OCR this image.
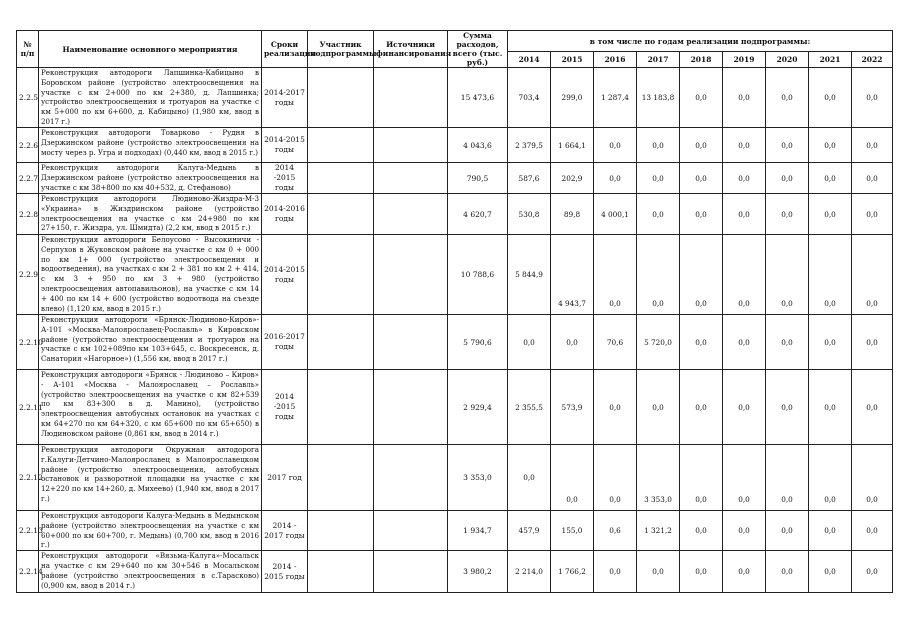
№ п/п	Наименование основного мероприятия	Сроки реализации	Участник подпрограммы	Источники финансирования	Сумма расходов, всего (тыс. руб.)	в том числе по годам реализации подпрограммы:								
						2014	2015	2016	2017	2018	2019	2020	2021	2022
2.2.5	Реконструкция автодороги Лапшинка-Кабицыно в Боровском районе (устройство электроосвещения на участке с км 2+000 по км 2+380, д. Лапшинка; устройство электроосвещения и тротуаров на участке с км 5+000 по км 6+600, д. Кабицыно) (1,980 км, ввод в 2017 г.)	2014-2017 годы			15 473,6	703,4	299,0	1 287,4	13 183,8	0,0	0,0	0,0	0,0	0,0
2.2.6	Реконструкция автодороги Товарково - Рудня в Дзержинском районе (устройство электроосвещения на мосту через р. Угра и подходах) (0,440 км, ввод в 2015 г.)	2014-2015 годы			4 043,6	2 379,5	1 664,1	0,0	0,0	0,0	0,0	0,0	0,0	0,0
2.2.7	Реконструкция автодороги Калуга-Медынь в Дзержинском районе (устройство электроосвещения на участке с км 38+800 по км 40+532, д. Стефаново)	2014 -2015 годы			790,5	587,6	202,9	0,0	0,0	0,0	0,0	0,0	0,0	0,0
2.2.8	Реконструкция автодороги Людиново-Жиздра-М-3 «Украина» в Жиздринском районе (устройство электроосвещения на участке с км 24+980 по км 27+150, г. Жиздра, ул. Шмидта) (2,2 км, ввод в 2015 г.)	2014-2016 годы			4 620,7	530,8	89,8	4 000,1	0,0	0,0	0,0	0,0	0,0	0,0
2.2.9	Реконструкция автодороги Белоусово - Высокиничи - Серпухов в Жуковском районе на участке с км 0 + 000 по км 1+ 000 (устройство электроосвещения и водоотведения), на участках с км 2 + 381 по км 2 + 414, с км 3 + 950 по км 3 + 980 (устройство электроосвещения автопавильонов), на участке с км 14 + 400 по км 14 + 600 (устройство водоотвода на съезде влево) (1,120 км, ввод в 2015 г.)	2014-2015 годы			10 788,6	5 844,9	4 943,7	0,0	0,0	0,0	0,0	0,0	0,0	0,0
2.2.10	Реконструкция автодороги «Брянск-Людиново-Киров»-А-101 «Москва-Малоярославец-Рославль» в Кировском районе (устройство электроосвещения и тротуаров на участке с км 102+089по км 103+645, с. Воскресенск, д. Санатория «Нагорное») (1,556 км, ввод в 2017 г.)	2016-2017 годы			5 790,6	0,0	0,0	70,6	5 720,0	0,0	0,0	0,0	0,0	0,0
2.2.11	Реконструкция автодороги «Брянск - Людиново – Киров» - А-101 «Москва - Малоярославец – Рославль» (устройство электроосвещения на участке с км 82+539 по км 83+300 в д. Манино), (устройство электроосвещения автобусных остановок на участках с км 64+270 по км 64+320, с км 65+600 по км 65+650) в Людиновском районе (0,861 км, ввод в 2014 г.)	2014 -2015 годы			2 929,4	2 355,5	573,9	0,0	0,0	0,0	0,0	0,0	0,0	0,0
2.2.12	Реконструкция автодороги Окружная автодорога г.Калуги-Детчино-Малоярославец в Малоярославецком районе (устройство электроосвещения, автобусных остановок и разворотной площадки на участке с км 12+220 по км 14+260, д. Михеево) (1,940 км, ввод в 2017 г.)	2017 год			3 353,0	0,0	0,0	0,0	3 353,0	0,0	0,0	0,0	0,0	0,0
2.2.13	Реконструкция автодороги Калуга-Медынь в Медынском районе (устройство электроосвещения на участке с км 60+000 по км 60+700, г. Медынь) (0,700 км, ввод в 2016 г.)	2014 - 2017 годы			1 934,7	457,9	155,0	0,6	1 321,2	0,0	0,0	0,0	0,0	0,0
2.2.14	Реконструкция автодороги «Вязьма-Калуга»-Мосальск на участке с км 29+640 по км 30+546 в Мосальском районе (устройство электроосвещения в с.Тарасково) (0,900 км, ввод в 2014 г.)	2014 - 2015 годы			3 980,2	2 214,0	1 766,2	0,0	0,0	0,0	0,0	0,0	0,0	0,0
